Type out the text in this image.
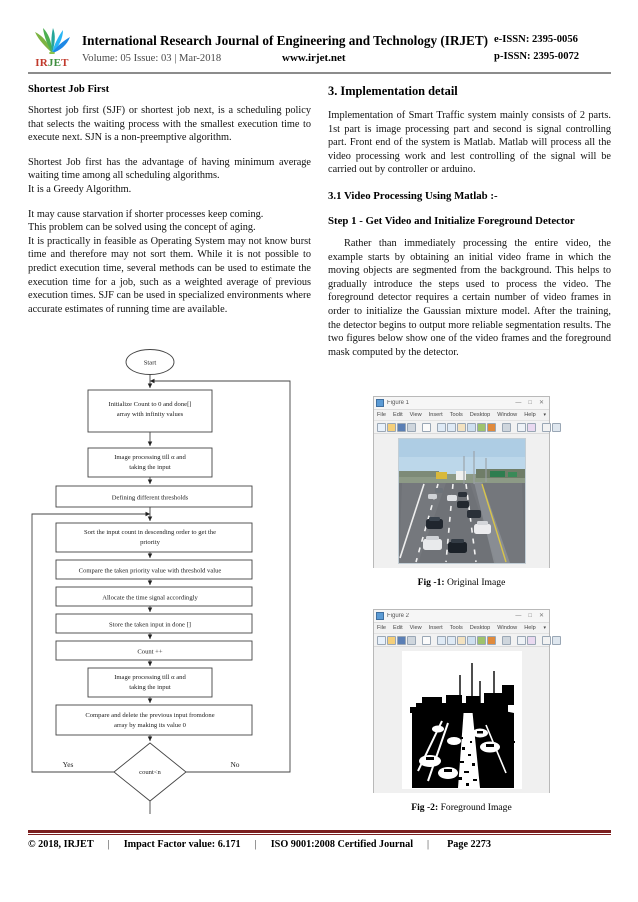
IRJET
International Research Journal of Engineering and Technology (IRJET)
Volume: 05 Issue: 03 | Mar-2018	www.irjet.net
e-ISSN: 2395-0056
p-ISSN: 2395-0072
Shortest Job First

Shortest job first (SJF) or shortest job next, is a scheduling policy that selects the waiting process with the smallest execution time to execute next. SJN is a non-preemptive algorithm.

Shortest Job first has the advantage of having minimum average waiting time among all scheduling algorithms.

It is a Greedy Algorithm.

It may cause starvation if shorter processes keep coming.

This problem can be solved using the concept of aging.

It is practically in feasible as Operating System may not know burst time and therefore may not sort them. While it is not possible to predict execution time, several methods can be used to estimate the execution time for a job, such as a weighted average of previous execution times. SJF can be used in specialized environments where accurate estimates of running time are available.

3. Implementation detail

Implementation of Smart Traffic system mainly consists of 2 parts. 1st part is image processing part and second is signal controlling part. Front end of the system is Matlab. Matlab will process all the video processing work and lest controlling of the signal will be carried out by controller or arduino.

3.1 Video Processing Using Matlab :-
Step 1 - Get Video and Initialize Foreground Detector

Rather than immediately processing the entire video, the example starts by obtaining an initial video frame in which the moving objects are segmented from the background. This helps to gradually introduce the steps used to process the video. The foreground detector requires a certain number of video frames in order to initialize the Gaussian mixture model. After the training, the detector begins to output more reliable segmentation results. The two figures below show one of the video frames and the foreground mask computed by the detector.

Start
Initialize Count to 0 and done[]
array with infinity values
Image processing till α and
taking the input
Defining different thresholds
Sort the input count in descending order to get the
priority
Compare the taken priority value with threshold value
Allocate the time signal accordingly
Store the taken input in done []
Count ++
Image processing till α and
taking the input
Compare and delete the previous input fromdone
array by making its value 0
count<n
Yes	No
Figure 1	— □ ✕
File Edit View Insert Tools Desktop Window Help ▾
Fig -1: Original Image
Figure 2	— □ ✕
File Edit View Insert Tools Desktop Window Help ▾
Fig -2: Foreground Image
© 2018, IRJET | Impact Factor value: 6.171 | ISO 9001:2008 Certified Journal | Page 2273
